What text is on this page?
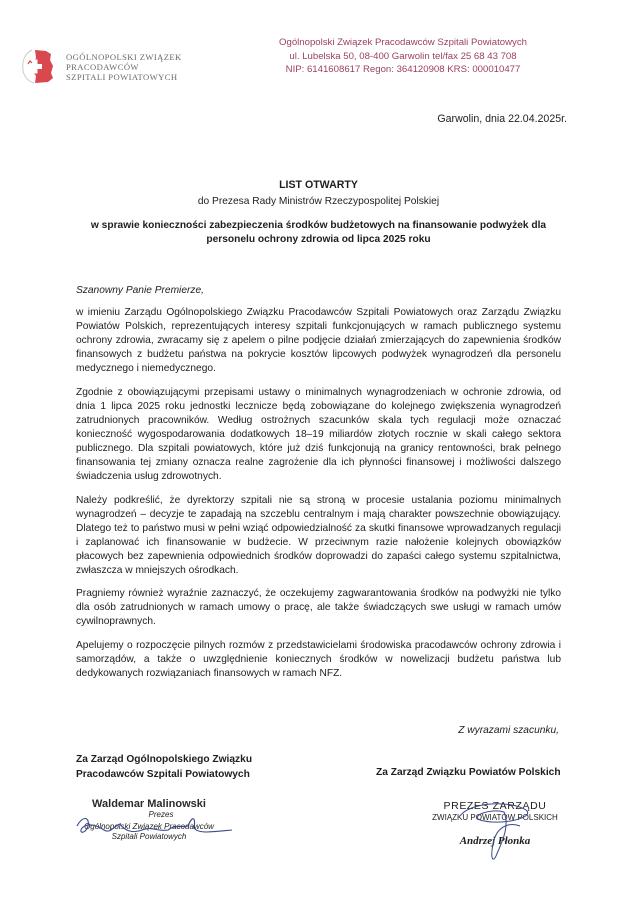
OGÓLNOPOLSKI ZWIĄZEK
PRACODAWCÓW
SZPITALI POWIATOWYCH
Ogólnopolski Związek Pracodawców Szpitali Powiatowych
ul. Lubelska 50, 08-400 Garwolin tel/fax 25 68 43 708
NIP: 6141608617 Regon: 364120908 KRS: 000010477
Garwolin, dnia 22.04.2025r.
LIST OTWARTY
do Prezesa Rady Ministrów Rzeczypospolitej Polskiej
w sprawie konieczności zabezpieczenia środków budżetowych na finansowanie podwyżek dla
personelu ochrony zdrowia od lipca 2025 roku
Szanowny Panie Premierze,

w imieniu Zarządu Ogólnopolskiego Związku Pracodawców Szpitali Powiatowych oraz Zarządu Związku Powiatów Polskich, reprezentujących interesy szpitali funkcjonujących w ramach publicznego systemu ochrony zdrowia, zwracamy się z apelem o pilne podjęcie działań zmierzających do zapewnienia środków finansowych z budżetu państwa na pokrycie kosztów lipcowych podwyżek wynagrodzeń dla personelu medycznego i niemedycznego.

Zgodnie z obowiązującymi przepisami ustawy o minimalnych wynagrodzeniach w ochronie zdrowia, od dnia 1 lipca 2025 roku jednostki lecznicze będą zobowiązane do kolejnego zwiększenia wynagrodzeń zatrudnionych pracowników. Według ostrożnych szacunków skala tych regulacji może oznaczać konieczność wygospodarowania dodatkowych 18–19 miliardów złotych rocznie w skali całego sektora publicznego. Dla szpitali powiatowych, które już dziś funkcjonują na granicy rentowności, brak pełnego finansowania tej zmiany oznacza realne zagrożenie dla ich płynności finansowej i możliwości dalszego świadczenia usług zdrowotnych.

Należy podkreślić, że dyrektorzy szpitali nie są stroną w procesie ustalania poziomu minimalnych wynagrodzeń – decyzje te zapadają na szczeblu centralnym i mają charakter powszechnie obowiązujący. Dlatego też to państwo musi w pełni wziąć odpowiedzialność za skutki finansowe wprowadzanych regulacji i zaplanować ich finansowanie w budżecie. W przeciwnym razie nałożenie kolejnych obowiązków płacowych bez zapewnienia odpowiednich środków doprowadzi do zapaści całego systemu szpitalnictwa, zwłaszcza w mniejszych ośrodkach.

Pragniemy również wyraźnie zaznaczyć, że oczekujemy zagwarantowania środków na podwyżki nie tylko dla osób zatrudnionych w ramach umowy o pracę, ale także świadczących swe usługi w ramach umów cywilnoprawnych.

Apelujemy o rozpoczęcie pilnych rozmów z przedstawicielami środowiska pracodawców ochrony zdrowia i samorządów, a także o uwzględnienie koniecznych środków w nowelizacji budżetu państwa lub dedykowanych rozwiązaniach finansowych w ramach NFZ.

Z wyrazami szacunku,
Za Zarząd Ogólnopolskiego Związku
Pracodawców Szpitali Powiatowych	Za Zarząd Związku Powiatów Polskich
Waldemar Malinowski
Prezes
Ogólnopolski Związek Pracodawców
Szpitali Powiatowych
PREZES ZARZĄDU
ZWIĄZKU POWIATÓW POLSKICH
Andrzej Płonka
